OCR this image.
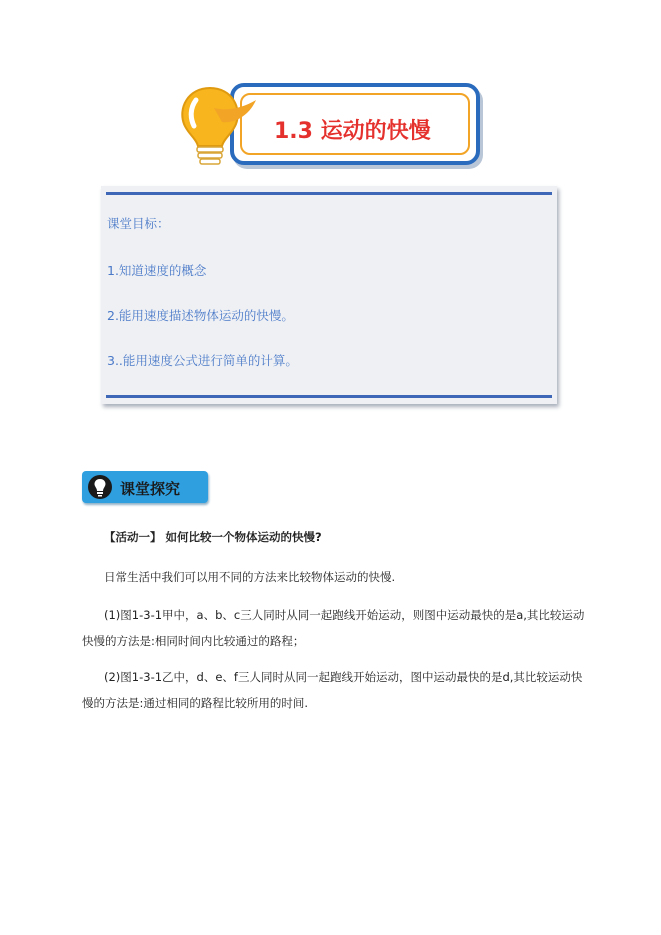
1.3 运动的快慢
课堂目标：
1.知道速度的概念
2.能用速度描述物体运动的快慢。
3..能用速度公式进行简单的计算。
课堂探究
【活动一】 如何比较一个物体运动的快慢?
日常生活中我们可以用不同的方法来比较物体运动的快慢.
(1)图1-3-1甲中，a、b、c三人同时从同一起跑线开始运动，则图中运动最快的是a,其比较运动
快慢的方法是:相同时间内比较通过的路程；
(2)图1-3-1乙中，d、e、f三人同时从同一起跑线开始运动，图中运动最快的是d,其比较运动快
慢的方法是:通过相同的路程比较所用的时间.
